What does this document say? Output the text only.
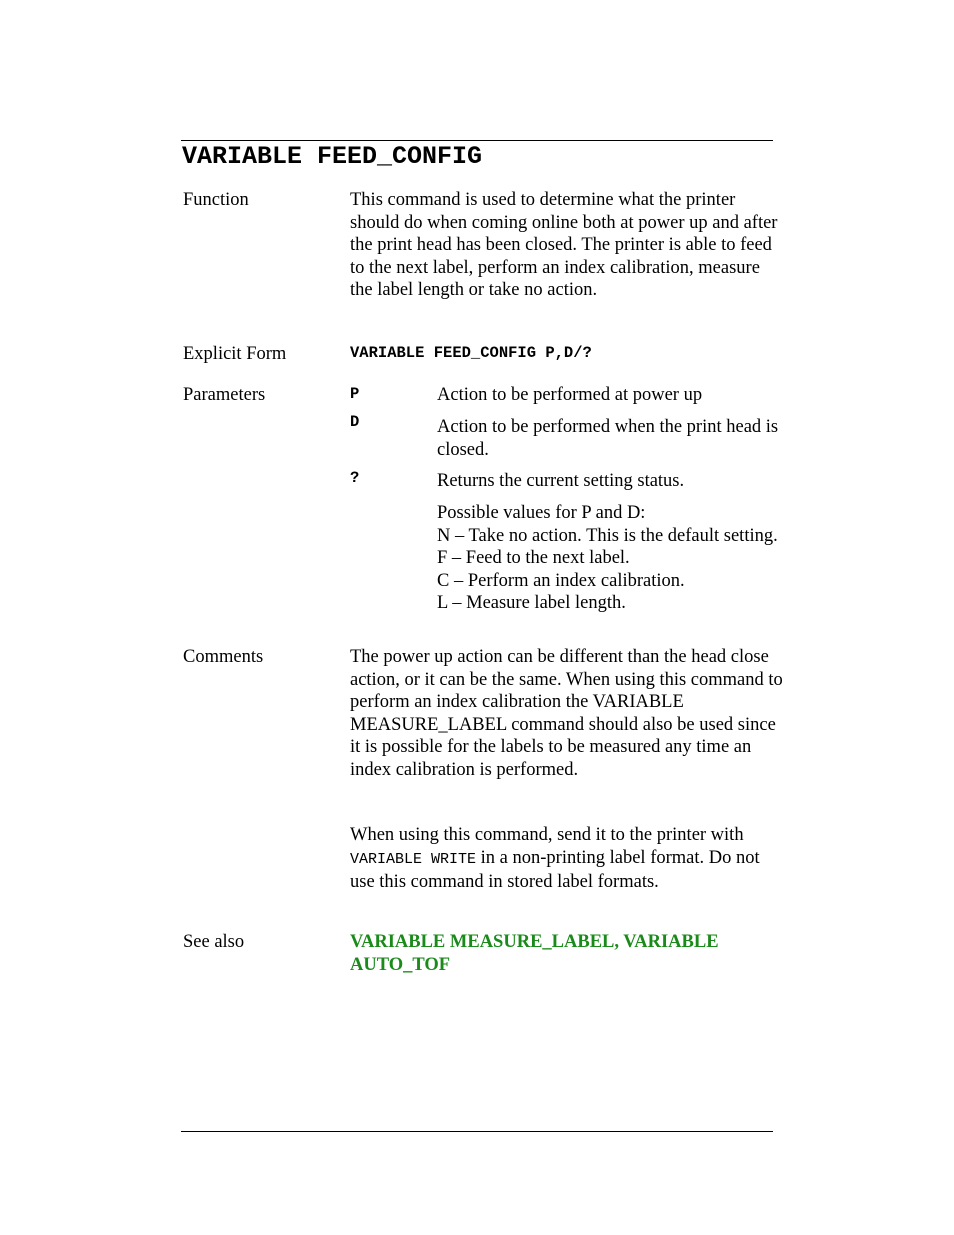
VARIABLE FEED_CONFIG
Function	This command is used to determine what the printer should do when coming online both at power up and after the print head has been closed. The printer is able to feed to the next label, perform an index calibration, measure the label length or take no action.

Explicit Form	VARIABLE FEED_CONFIG P,D/?
Parameters	P	Action to be performed at power up
D	Action to be performed when the print head is closed.
?	Returns the current setting status.
Possible values for P and D:
N – Take no action. This is the default setting.
F – Feed to the next label.
C – Perform an index calibration.
L – Measure label length.
Comments	The power up action can be different than the head close action, or it can be the same. When using this command to perform an index calibration the VARIABLE MEASURE_LABEL command should also be used since it is possible for the labels to be measured any time an index calibration is performed.

When using this command, send it to the printer with VARIABLE WRITE in a non-printing label format. Do not use this command in stored label formats.

See also	VARIABLE MEASURE_LABEL, VARIABLE AUTO_TOF
